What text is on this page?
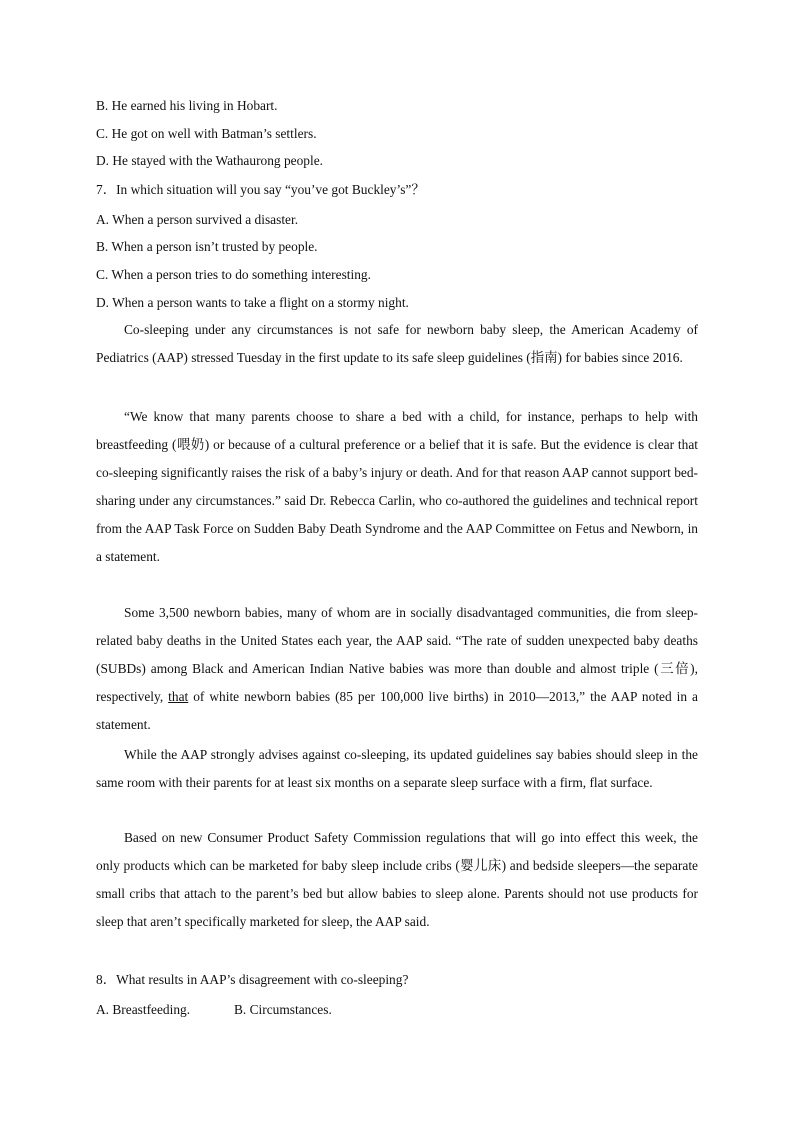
B. He earned his living in Hobart.
C. He got on well with Batman’s settlers.
D. He stayed with the Wathaurong people.
7．In which situation will you say “you’ve got Buckley’s”？
A. When a person survived a disaster.
B. When a person isn’t trusted by people.
C. When a person tries to do something interesting.
D. When a person wants to take a flight on a stormy night.
Co-sleeping under any circumstances is not safe for newborn baby sleep, the American Academy of Pediatrics (AAP) stressed Tuesday in the first update to its safe sleep guidelines (指南) for babies since 2016.
“We know that many parents choose to share a bed with a child, for instance, perhaps to help with breastfeeding (喂奶) or because of a cultural preference or a belief that it is safe. But the evidence is clear that co-sleeping significantly raises the risk of a baby’s injury or death. And for that reason AAP cannot support bed-sharing under any circumstances.” said Dr. Rebecca Carlin, who co-authored the guidelines and technical report from the AAP Task Force on Sudden Baby Death Syndrome and the AAP Committee on Fetus and Newborn, in a statement.
Some 3,500 newborn babies, many of whom are in socially disadvantaged communities, die from sleep-related baby deaths in the United States each year, the AAP said. “The rate of sudden unexpected baby deaths (SUBDs) among Black and American Indian Native babies was more than double and almost triple (三倍), respectively, that of white newborn babies (85 per 100,000 live births) in 2010—2013,” the AAP noted in a statement.
While the AAP strongly advises against co-sleeping, its updated guidelines say babies should sleep in the same room with their parents for at least six months on a separate sleep surface with a firm, flat surface.
Based on new Consumer Product Safety Commission regulations that will go into effect this week, the only products which can be marketed for baby sleep include cribs (婴儿床) and bedside sleepers—the separate small cribs that attach to the parent’s bed but allow babies to sleep alone. Parents should not use products for sleep that aren’t specifically marketed for sleep, the AAP said.
8．What results in AAP’s disagreement with co-sleeping?
A. Breastfeeding.	B. Circumstances.
